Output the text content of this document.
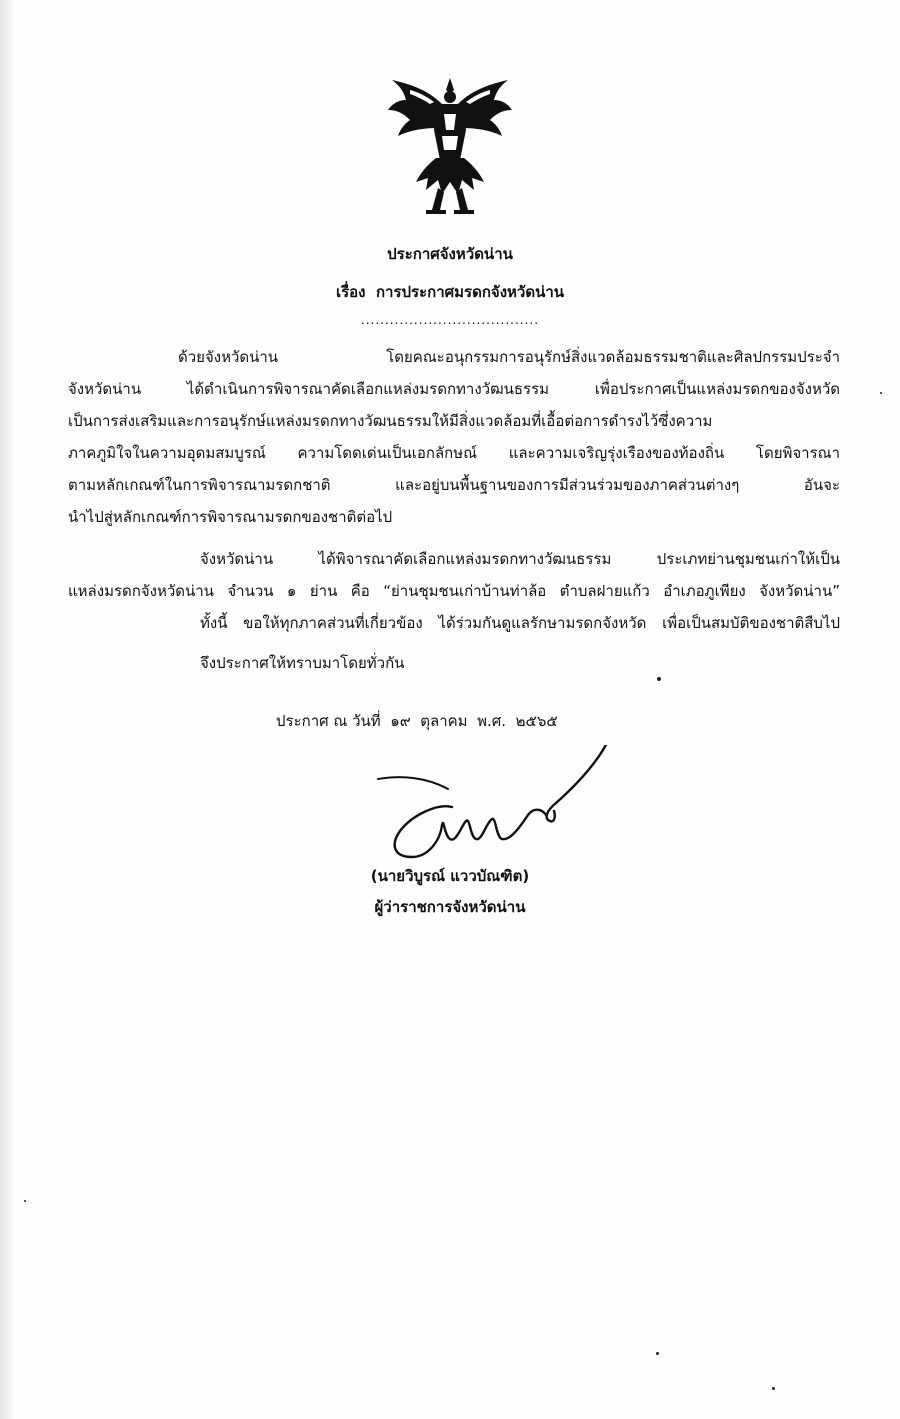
ประกาศจังหวัดน่าน
เรื่อง การประกาศมรดกจังหวัดน่าน
.....................................
ด้วยจังหวัดน่าน โดยคณะอนุกรรมการอนุรักษ์สิ่งแวดล้อมธรรมชาติและศิลปกรรมประจำ
จังหวัดน่าน ได้ดำเนินการพิจารณาคัดเลือกแหล่งมรดกทางวัฒนธรรม เพื่อประกาศเป็นแหล่งมรดกของจังหวัด
เป็นการส่งเสริมและการอนุรักษ์แหล่งมรดกทางวัฒนธรรมให้มีสิ่งแวดล้อมที่เอื้อต่อการดำรงไว้ซึ่งความ
ภาคภูมิใจในความอุดมสมบูรณ์ ความโดดเด่นเป็นเอกลักษณ์ และความเจริญรุ่งเรืองของท้องถิ่น โดยพิจารณา
ตามหลักเกณฑ์ในการพิจารณามรดกชาติ และอยู่บนพื้นฐานของการมีส่วนร่วมของภาคส่วนต่างๆ อันจะ
นำไปสู่หลักเกณฑ์การพิจารณามรดกของชาติต่อไป
จังหวัดน่าน ได้พิจารณาคัดเลือกแหล่งมรดกทางวัฒนธรรม ประเภทย่านชุมชนเก่าให้เป็น
แหล่งมรดกจังหวัดน่าน จำนวน ๑ ย่าน คือ “ย่านชุมชนเก่าบ้านท่าล้อ ตำบลฝายแก้ว อำเภอภูเพียง จังหวัดน่าน”
ทั้งนี้ ขอให้ทุกภาคส่วนที่เกี่ยวข้อง ได้ร่วมกันดูแลรักษามรดกจังหวัด เพื่อเป็นสมบัติของชาติสืบไป
จึงประกาศให้ทราบมาโดยทั่วกัน
ประกาศ ณ วันที่ ๑๙ ตุลาคม พ.ศ. ๒๕๖๕
(นายวิบูรณ์ แววบัณฑิต)
ผู้ว่าราชการจังหวัดน่าน
